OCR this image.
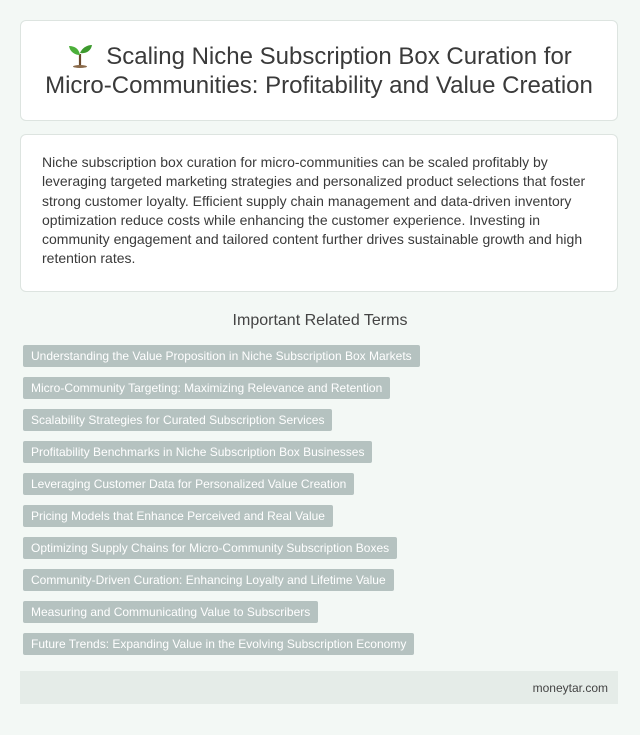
Scaling Niche Subscription Box Curation for Micro-Communities: Profitability and Value Creation

Niche subscription box curation for micro-communities can be scaled profitably by leveraging targeted marketing strategies and personalized product selections that foster strong customer loyalty. Efficient supply chain management and data-driven inventory optimization reduce costs while enhancing the customer experience. Investing in community engagement and tailored content further drives sustainable growth and high retention rates.

Important Related Terms
Understanding the Value Proposition in Niche Subscription Box Markets
Micro-Community Targeting: Maximizing Relevance and Retention
Scalability Strategies for Curated Subscription Services
Profitability Benchmarks in Niche Subscription Box Businesses
Leveraging Customer Data for Personalized Value Creation
Pricing Models that Enhance Perceived and Real Value
Optimizing Supply Chains for Micro-Community Subscription Boxes
Community-Driven Curation: Enhancing Loyalty and Lifetime Value
Measuring and Communicating Value to Subscribers
Future Trends: Expanding Value in the Evolving Subscription Economy
moneytar.com
